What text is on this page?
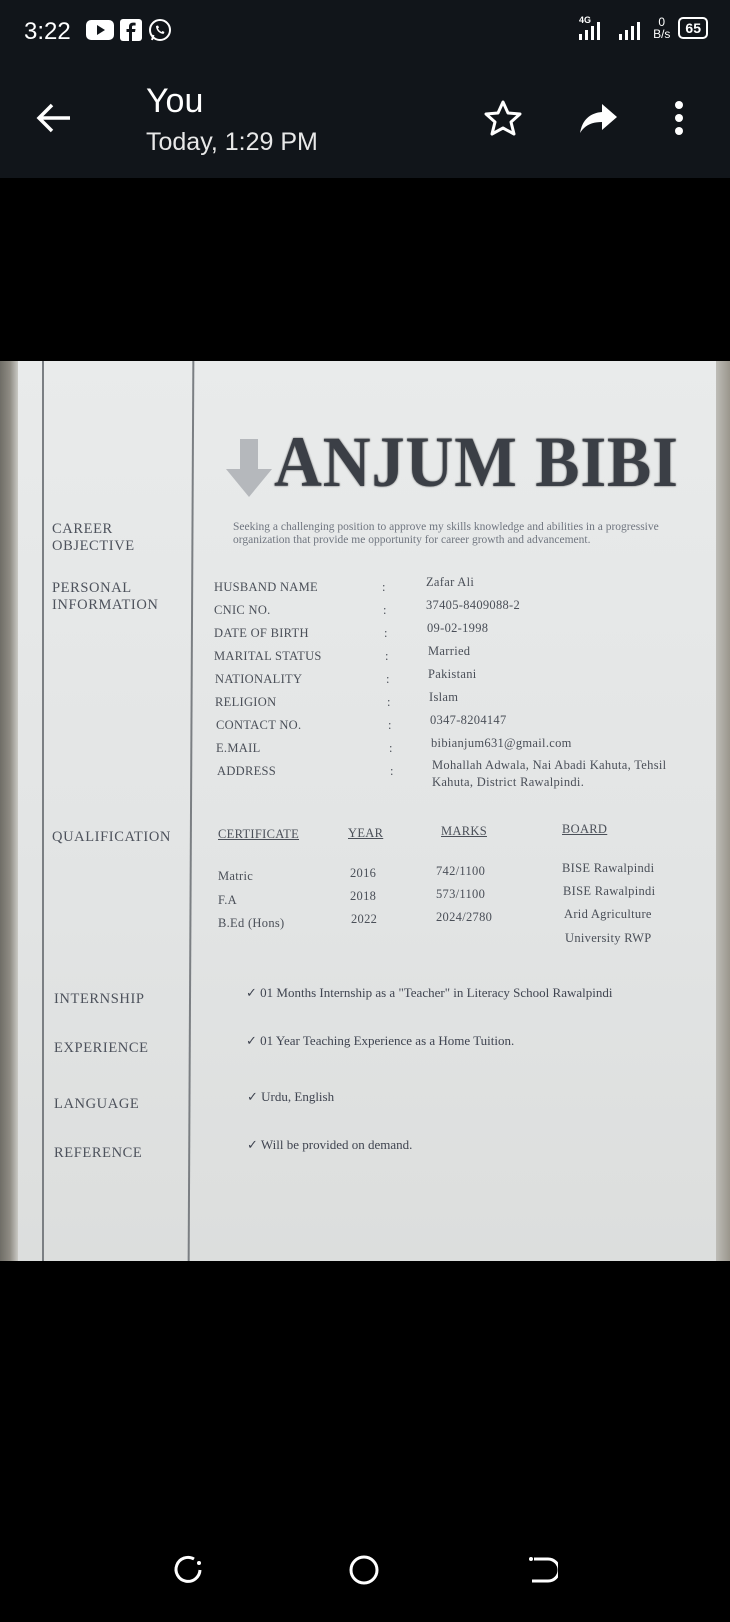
3:22	4G	0
B/s	65
You
Today, 1:29 PM
ANJUM BIBI
CAREER
OBJECTIVE
PERSONAL
INFORMATION
QUALIFICATION
INTERNSHIP
EXPERIENCE
LANGUAGE
REFERENCE
Seeking a challenging position to approve my skills knowledge and abilities in a progressive organization that provide me opportunity for career growth and advancement.
HUSBAND NAME	:	Zafar Ali
CNIC NO.	:	37405-8409088-2
DATE OF BIRTH	:	09-02-1998
MARITAL STATUS	:	Married
NATIONALITY	:	Pakistani
RELIGION	:	Islam
CONTACT NO.	:	0347-8204147
E.MAIL	:	bibianjum631@gmail.com
ADDRESS	:	Mohallah Adwala, Nai Abadi Kahuta, Tehsil
Kahuta, District Rawalpindi.
CERTIFICATE	YEAR	MARKS	BOARD
Matric	2016	742/1100	BISE Rawalpindi
F.A	2018	573/1100	BISE Rawalpindi
B.Ed (Hons)	2022	2024/2780	Arid Agriculture
University RWP
✓ 01 Months Internship as a "Teacher" in Literacy School Rawalpindi
✓ 01 Year Teaching Experience as a Home Tuition.
✓ Urdu, English
✓ Will be provided on demand.
